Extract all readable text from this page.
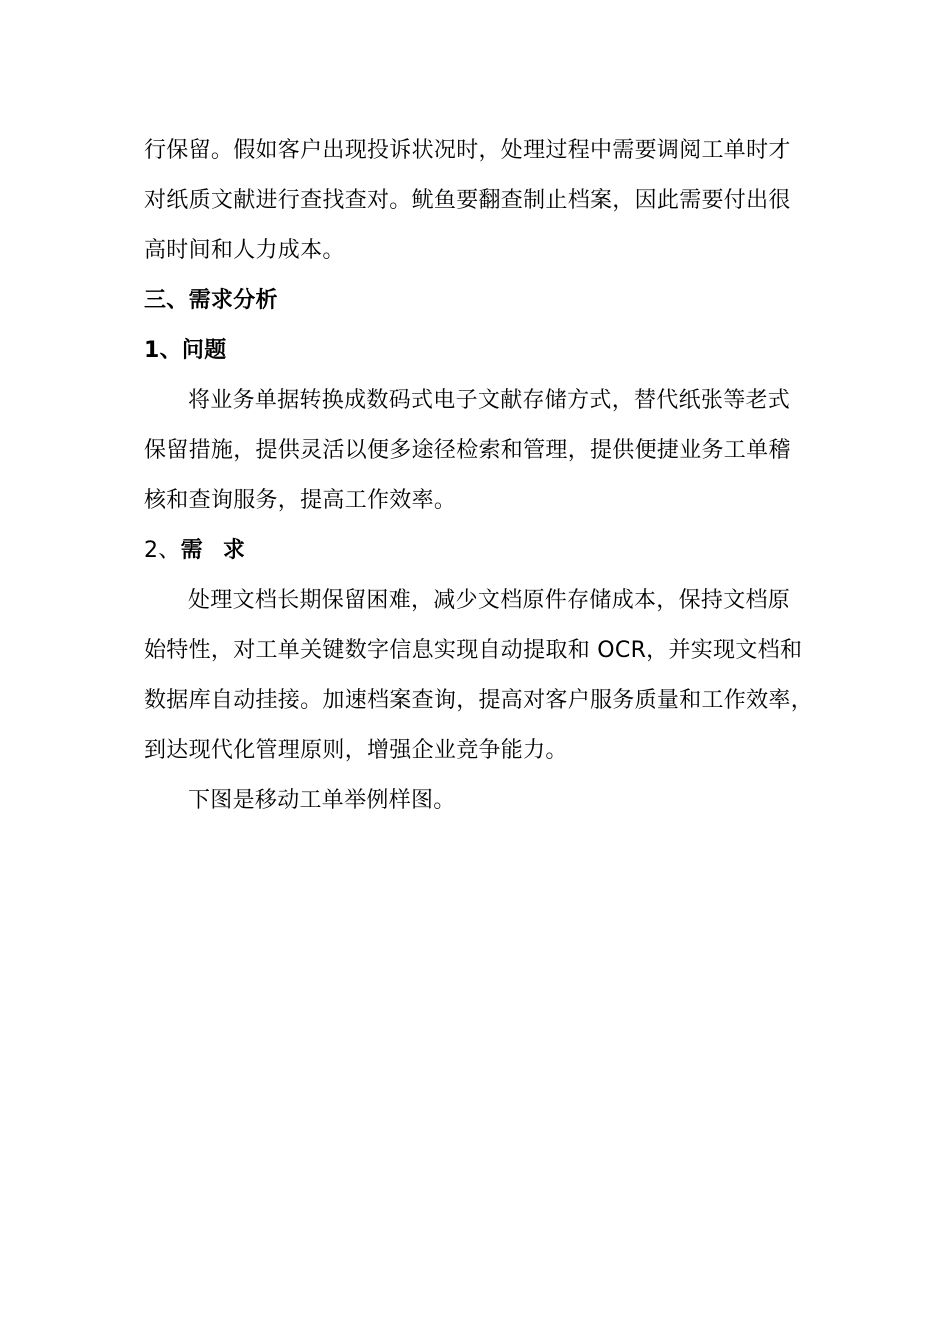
行保留。假如客户出现投诉状况时，处理过程中需要调阅工单时才
对纸质文献进行查找查对。鱿鱼要翻查制止档案，因此需要付出很
高时间和人力成本。
三、需求分析
1、问题
将业务单据转换成数码式电子文献存储方式，替代纸张等老式
保留措施，提供灵活以便多途径检索和管理，提供便捷业务工单稽
核和查询服务，提高工作效率。
2、需 求
处理文档长期保留困难，减少文档原件存储成本，保持文档原
始特性，对工单关键数字信息实现自动提取和 OCR，并实现文档和
数据库自动挂接。加速档案查询，提高对客户服务质量和工作效率，
到达现代化管理原则，增强企业竞争能力。
下图是移动工单举例样图。
